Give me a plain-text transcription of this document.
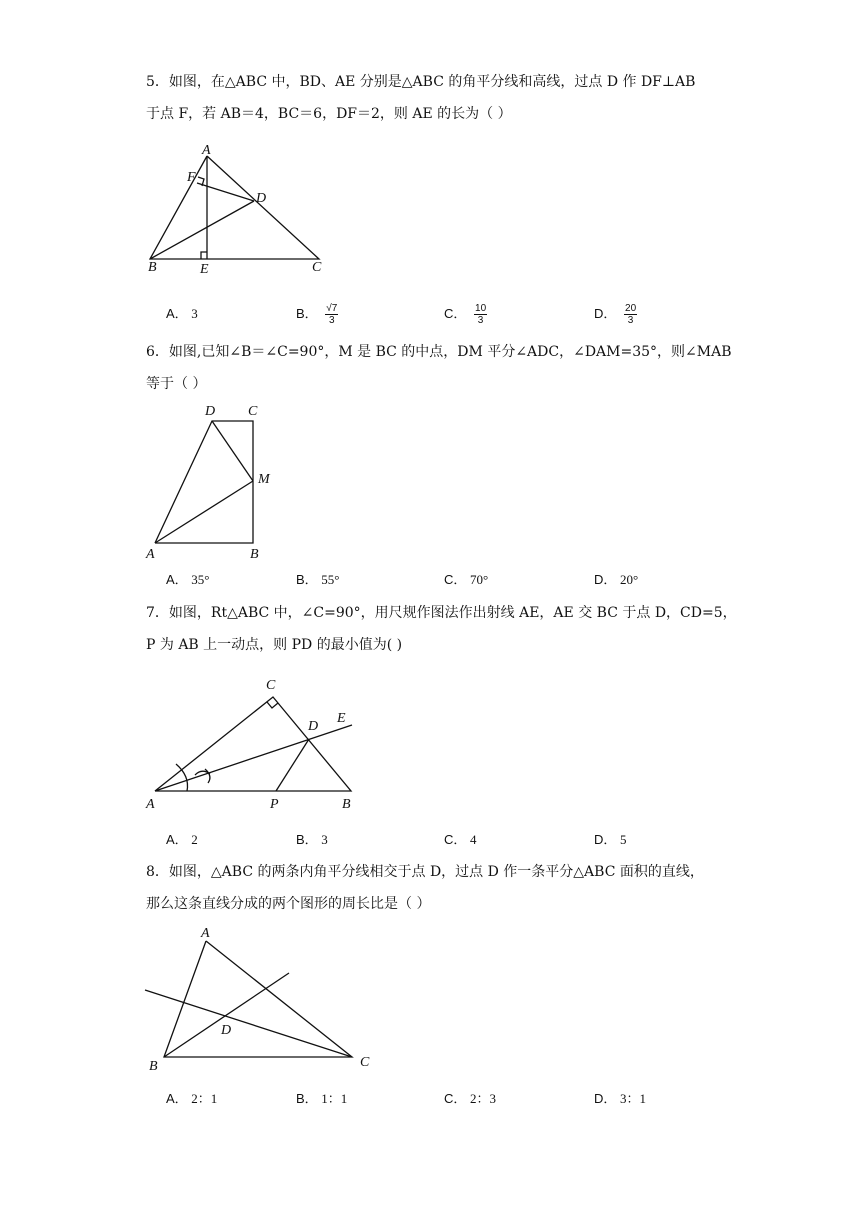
5．如图，在△ABC 中，BD、AE 分别是△ABC 的角平分线和高线，过点 D 作 DF⊥AB
于点 F，若 AB＝4，BC＝6，DF＝2，则 AE 的长为（ ）
A
F
D
B	E	C
A． 3	B． $\frac{√7}{3}$	C． $\frac{10}{3}$	D． $\frac{20}{3}$
6．如图,已知∠B＝∠C=90°，M 是 BC 的中点，DM 平分∠ADC，∠DAM=35°，则∠MAB
等于（ ）
D C
M
A	B
A． 35°	B． 55°	C． 70°	D． 20°
7．如图，Rt△ABC 中，∠C=90°，用尺规作图法作出射线 AE，AE 交 BC 于点 D，CD=5，
P 为 AB 上一动点，则 PD 的最小值为( )
C
D
E
A	P	B
A． 2	B． 3	C． 4	D． 5
8．如图，△ABC 的两条内角平分线相交于点 D，过点 D 作一条平分△ABC 面积的直线，
那么这条直线分成的两个图形的周长比是（ ）
A
D
B	C
A． 2：1	B． 1：1	C． 2：3	D． 3：1
